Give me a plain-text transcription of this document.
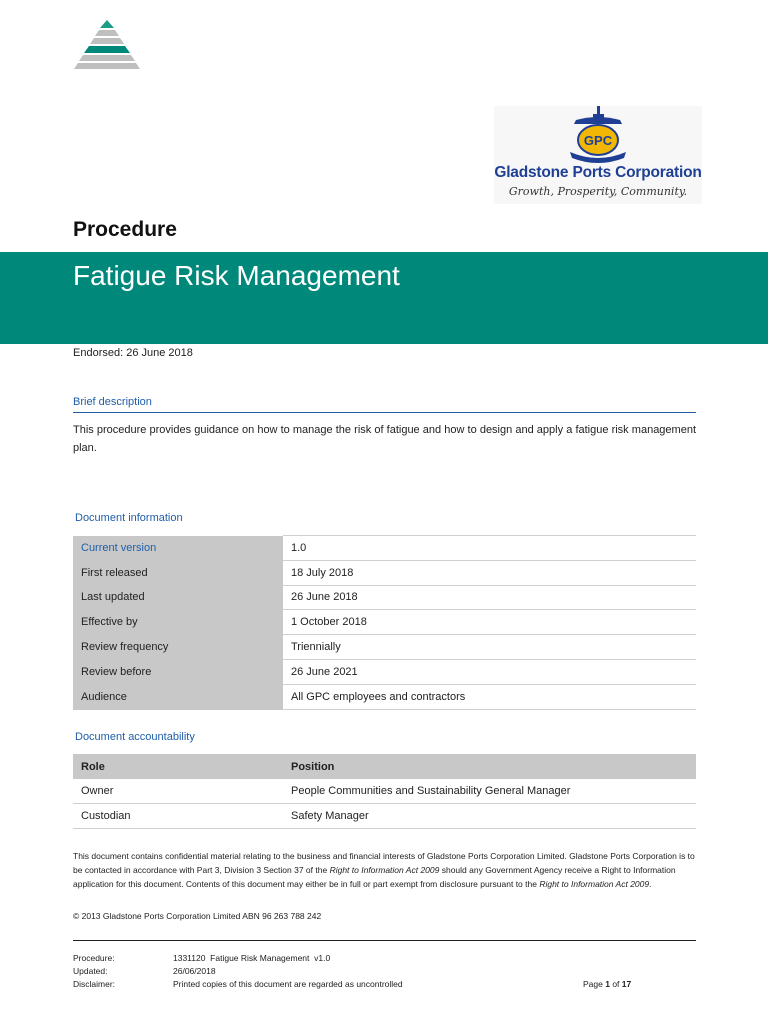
GPC
Gladstone Ports Corporation
Growth, Prosperity, Community.
Procedure
Fatigue Risk Management
Endorsed: 26 June 2018
Brief description
This procedure provides guidance on how to manage the risk of fatigue and how to design and apply a fatigue risk management plan.
Document information
Current version	1.0
First released	18 July 2018
Last updated	26 June 2018
Effective by	1 October 2018
Review frequency	Triennially
Review before	26 June 2021
Audience	All GPC employees and contractors
Document accountability
Role	Position
Owner	People Communities and Sustainability General Manager
Custodian	Safety Manager
This document contains confidential material relating to the business and financial interests of Gladstone Ports Corporation Limited. Gladstone Ports Corporation is to be contacted in accordance with Part 3, Division 3 Section 37 of the Right to Information Act 2009 should any Government Agency receive a Right to Information application for this document. Contents of this document may either be in full or part exempt from disclosure pursuant to the Right to Information Act 2009.
© 2013 Gladstone Ports Corporation Limited ABN 96 263 788 242
Procedure:	1331120  Fatigue Risk Management  v1.0
Updated:	26/06/2018
Disclaimer:	Printed copies of this document are regarded as uncontrolled	Page 1 of 17
